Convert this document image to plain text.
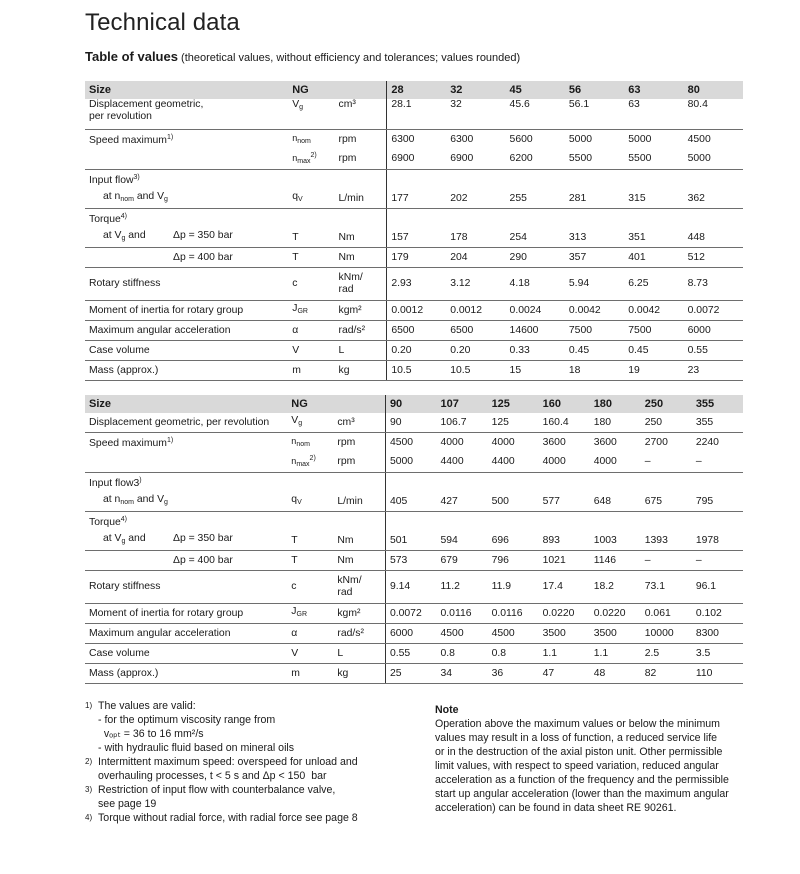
Technical data
Table of values (theoretical values, without efficiency and tolerances; values rounded)
Size	NG		28	32	45	56	63	80
Displacement geometric,
per revolution	$V_g$	cm³	28.1	32	45.6	56.1	63	80.4
Speed maximum$^{1)}$	$n_{nom}$	rpm	6300	6300	5600	5000	5000	4500
	$n_{max}^{2)}$	rpm	6900	6900	6200	5500	5500	5000
Input flow$^{3)}$								
at $n_{nom}$ and $V_g$	$q_V$	L/min	177	202	255	281	315	362
Torque$^{4)}$								
at $V_g$ and Δp = 350 bar	T	Nm	157	178	254	313	351	448
Δp = 400 bar	T	Nm	179	204	290	357	401	512
Rotary stiffness	c	kNm/
rad	2.93	3.12	4.18	5.94	6.25	8.73
Moment of inertia for rotary group	$J_{GR}$	kgm²	0.0012	0.0012	0.0024	0.0042	0.0042	0.0072
Maximum angular acceleration	α	rad/s²	6500	6500	14600	7500	7500	6000
Case volume	V	L	0.20	0.20	0.33	0.45	0.45	0.55
Mass (approx.)	m	kg	10.5	10.5	15	18	19	23
Size	NG		90	107	125	160	180	250	355
Displacement geometric, per revolution	$V_g$	cm³	90	106.7	125	160.4	180	250	355
Speed maximum$^{1)}$	$n_{nom}$	rpm	4500	4000	4000	3600	3600	2700	2240
	$n_{max}^{2)}$	rpm	5000	4400	4400	4000	4000	–	–
Input flow3)									
at $n_{nom}$ and $V_g$	$q_V$	L/min	405	427	500	577	648	675	795
Torque$^{4)}$									
at $V_g$ and Δp = 350 bar	T	Nm	501	594	696	893	1003	1393	1978
Δp = 400 bar	T	Nm	573	679	796	1021	1146	–	–
Rotary stiffness	c	kNm/
rad	9.14	11.2	11.9	17.4	18.2	73.1	96.1
Moment of inertia for rotary group	$J_{GR}$	kgm²	0.0072	0.0116	0.0116	0.0220	0.0220	0.061	0.102
Maximum angular acceleration	α	rad/s²	6000	4500	4500	3500	3500	10000	8300
Case volume	V	L	0.55	0.8	0.8	1.1	1.1	2.5	3.5
Mass (approx.)	m	kg	25	34	36	47	48	82	110
1) The values are valid:
- for the optimum viscosity range from
vₒₚₜ = 36 to 16 mm²/s
- with hydraulic fluid based on mineral oils
2) Intermittent maximum speed: overspeed for unload and
overhauling processes, t < 5 s and Δp < 150  bar
3) Restriction of input flow with counterbalance valve,
see page 19
4) Torque without radial force, with radial force see page 8
Note
Operation above the maximum values or below the minimum
values may result in a loss of function, a reduced service life
or in the destruction of the axial piston unit. Other permissible
limit values, with respect to speed variation, reduced angular
acceleration as a function of the frequency and the permissible
start up angular acceleration (lower than the maximum angular
acceleration) can be found in data sheet RE 90261.
